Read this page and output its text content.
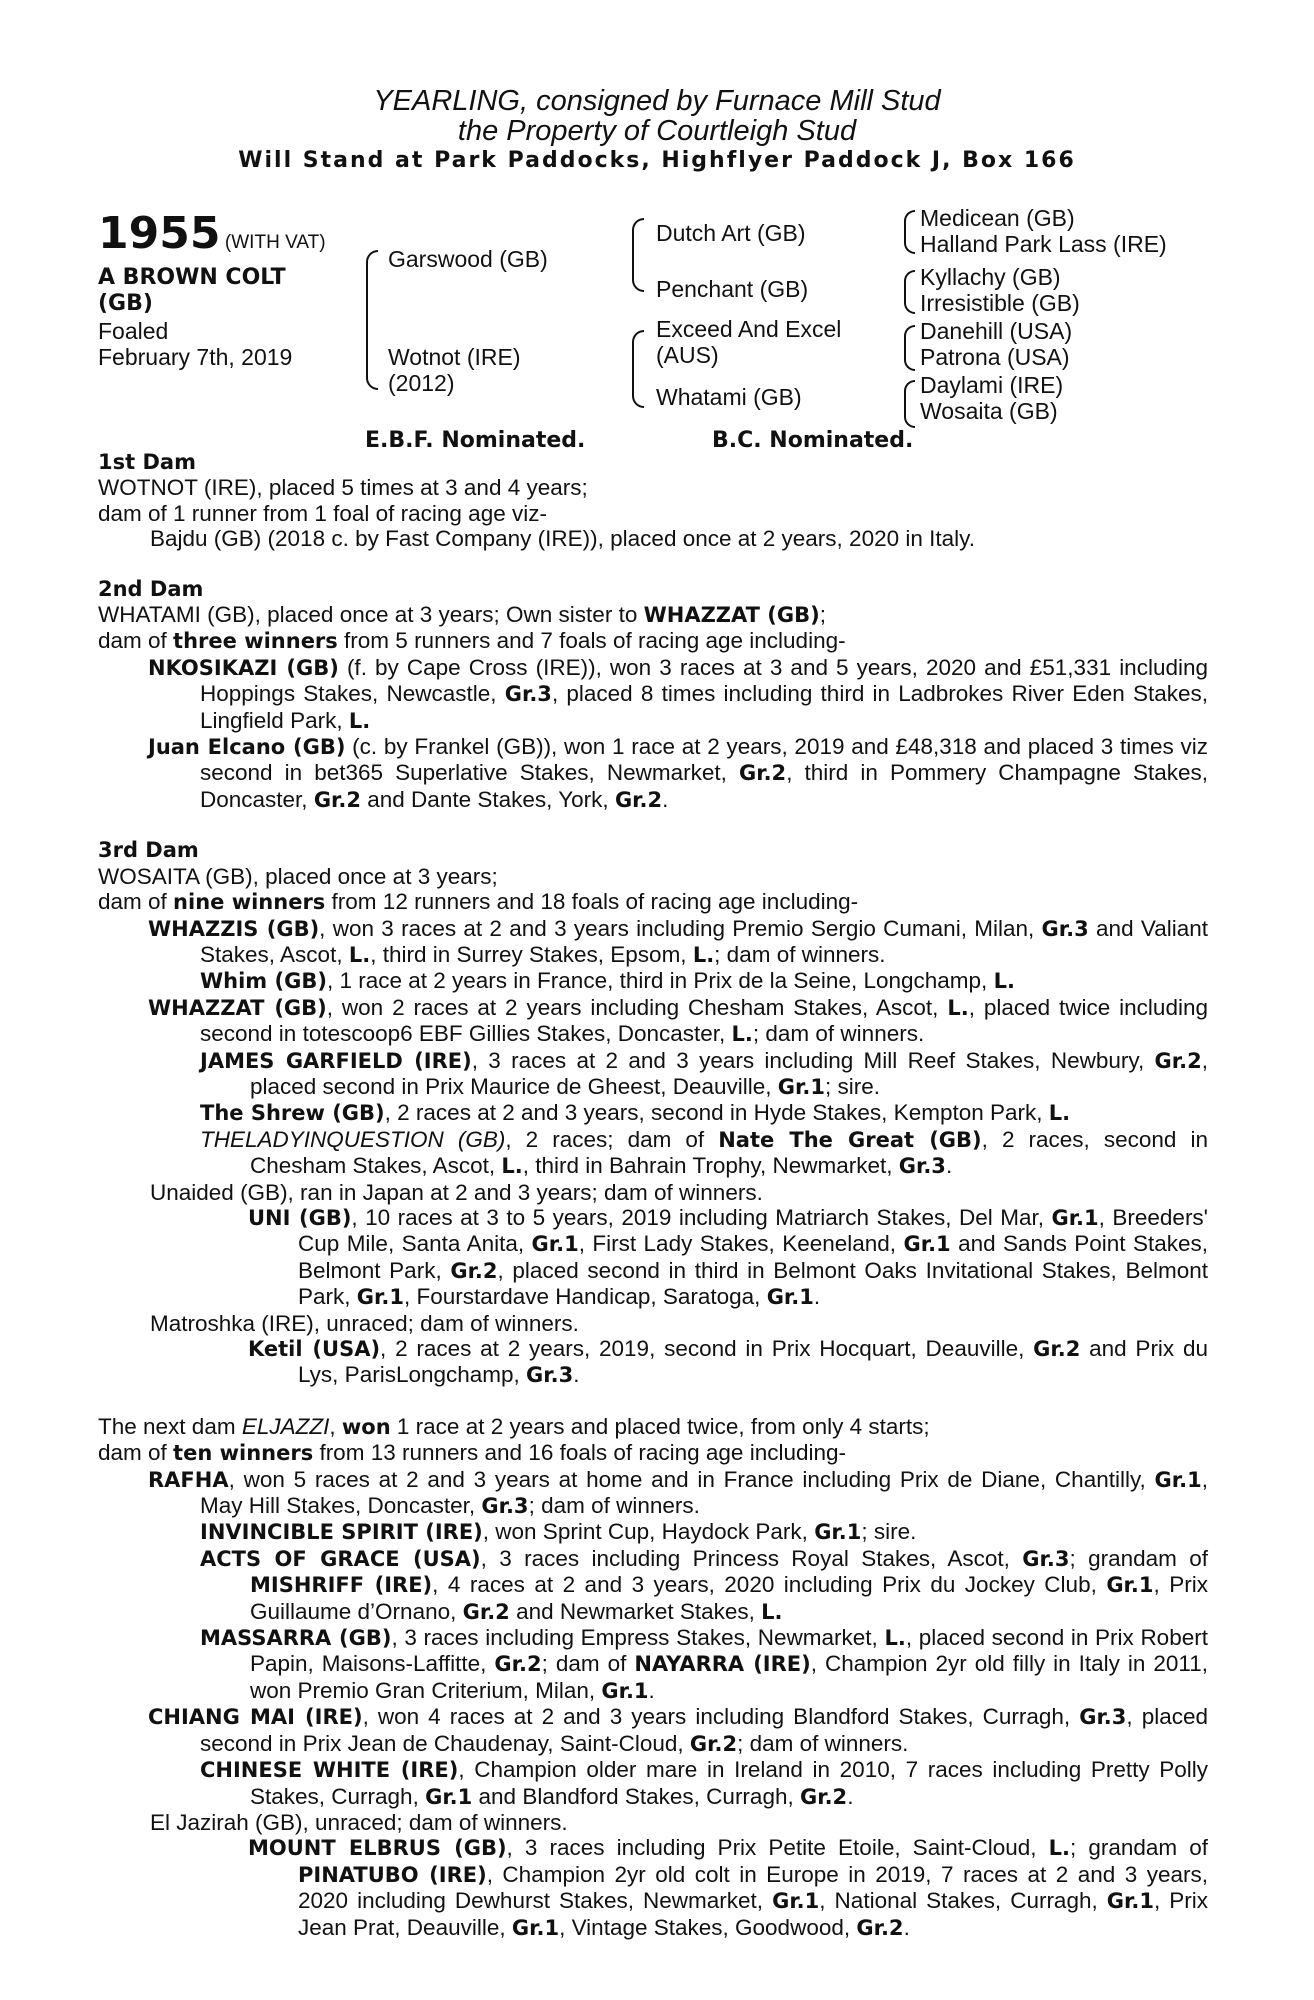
YEARLING, consigned by Furnace Mill Stud
the Property of Courtleigh Stud
Will Stand at Park Paddocks, Highflyer Paddock J, Box 166
1955 (WITH VAT)
A BROWN COLT
(GB)
Foaled
February 7th, 2019
Garswood (GB)
Wotnot (IRE)
(2012)
Dutch Art (GB)
Penchant (GB)
Exceed And Excel
(AUS)
Whatami (GB)
Medicean (GB)
Halland Park Lass (IRE)
Kyllachy (GB)
Irresistible (GB)
Danehill (USA)
Patrona (USA)
Daylami (IRE)
Wosaita (GB)
E.B.F. Nominated.	B.C. Nominated.
1st Dam
WOTNOT (IRE), placed 5 times at 3 and 4 years;
dam of 1 runner from 1 foal of racing age viz-
Bajdu (GB) (2018 c. by Fast Company (IRE)), placed once at 2 years, 2020 in Italy.
2nd Dam
WHATAMI (GB), placed once at 3 years; Own sister to WHAZZAT (GB);
dam of three winners from 5 runners and 7 foals of racing age including-
NKOSIKAZI (GB) (f. by Cape Cross (IRE)), won 3 races at 3 and 5 years, 2020 and £51,331 including Hoppings Stakes, Newcastle, Gr.3, placed 8 times including third in Ladbrokes River Eden Stakes, Lingfield Park, L.
Juan Elcano (GB) (c. by Frankel (GB)), won 1 race at 2 years, 2019 and £48,318 and placed 3 times viz second in bet365 Superlative Stakes, Newmarket, Gr.2, third in Pommery Champagne Stakes, Doncaster, Gr.2 and Dante Stakes, York, Gr.2.
3rd Dam
WOSAITA (GB), placed once at 3 years;
dam of nine winners from 12 runners and 18 foals of racing age including-
WHAZZIS (GB), won 3 races at 2 and 3 years including Premio Sergio Cumani, Milan, Gr.3 and Valiant Stakes, Ascot, L., third in Surrey Stakes, Epsom, L.; dam of winners.
Whim (GB), 1 race at 2 years in France, third in Prix de la Seine, Longchamp, L.
WHAZZAT (GB), won 2 races at 2 years including Chesham Stakes, Ascot, L., placed twice including second in totescoop6 EBF Gillies Stakes, Doncaster, L.; dam of winners.
JAMES GARFIELD (IRE), 3 races at 2 and 3 years including Mill Reef Stakes, Newbury, Gr.2, placed second in Prix Maurice de Gheest, Deauville, Gr.1; sire.
The Shrew (GB), 2 races at 2 and 3 years, second in Hyde Stakes, Kempton Park, L.
THELADYINQUESTION (GB), 2 races; dam of Nate The Great (GB), 2 races, second in Chesham Stakes, Ascot, L., third in Bahrain Trophy, Newmarket, Gr.3.
Unaided (GB), ran in Japan at 2 and 3 years; dam of winners.
UNI (GB), 10 races at 3 to 5 years, 2019 including Matriarch Stakes, Del Mar, Gr.1, Breeders' Cup Mile, Santa Anita, Gr.1, First Lady Stakes, Keeneland, Gr.1 and Sands Point Stakes, Belmont Park, Gr.2, placed second in third in Belmont Oaks Invitational Stakes, Belmont Park, Gr.1, Fourstardave Handicap, Saratoga, Gr.1.
Matroshka (IRE), unraced; dam of winners.
Ketil (USA), 2 races at 2 years, 2019, second in Prix Hocquart, Deauville, Gr.2 and Prix du Lys, ParisLongchamp, Gr.3.
The next dam ELJAZZI, won 1 race at 2 years and placed twice, from only 4 starts;
dam of ten winners from 13 runners and 16 foals of racing age including-
RAFHA, won 5 races at 2 and 3 years at home and in France including Prix de Diane, Chantilly, Gr.1, May Hill Stakes, Doncaster, Gr.3; dam of winners.
INVINCIBLE SPIRIT (IRE), won Sprint Cup, Haydock Park, Gr.1; sire.
ACTS OF GRACE (USA), 3 races including Princess Royal Stakes, Ascot, Gr.3; grandam of MISHRIFF (IRE), 4 races at 2 and 3 years, 2020 including Prix du Jockey Club, Gr.1, Prix Guillaume d’Ornano, Gr.2 and Newmarket Stakes, L.
MASSARRA (GB), 3 races including Empress Stakes, Newmarket, L., placed second in Prix Robert Papin, Maisons-Laffitte, Gr.2; dam of NAYARRA (IRE), Champion 2yr old filly in Italy in 2011, won Premio Gran Criterium, Milan, Gr.1.
CHIANG MAI (IRE), won 4 races at 2 and 3 years including Blandford Stakes, Curragh, Gr.3, placed second in Prix Jean de Chaudenay, Saint-Cloud, Gr.2; dam of winners.
CHINESE WHITE (IRE), Champion older mare in Ireland in 2010, 7 races including Pretty Polly Stakes, Curragh, Gr.1 and Blandford Stakes, Curragh, Gr.2.
El Jazirah (GB), unraced; dam of winners.
MOUNT ELBRUS (GB), 3 races including Prix Petite Etoile, Saint-Cloud, L.; grandam of PINATUBO (IRE), Champion 2yr old colt in Europe in 2019, 7 races at 2 and 3 years, 2020 including Dewhurst Stakes, Newmarket, Gr.1, National Stakes, Curragh, Gr.1, Prix Jean Prat, Deauville, Gr.1, Vintage Stakes, Goodwood, Gr.2.
